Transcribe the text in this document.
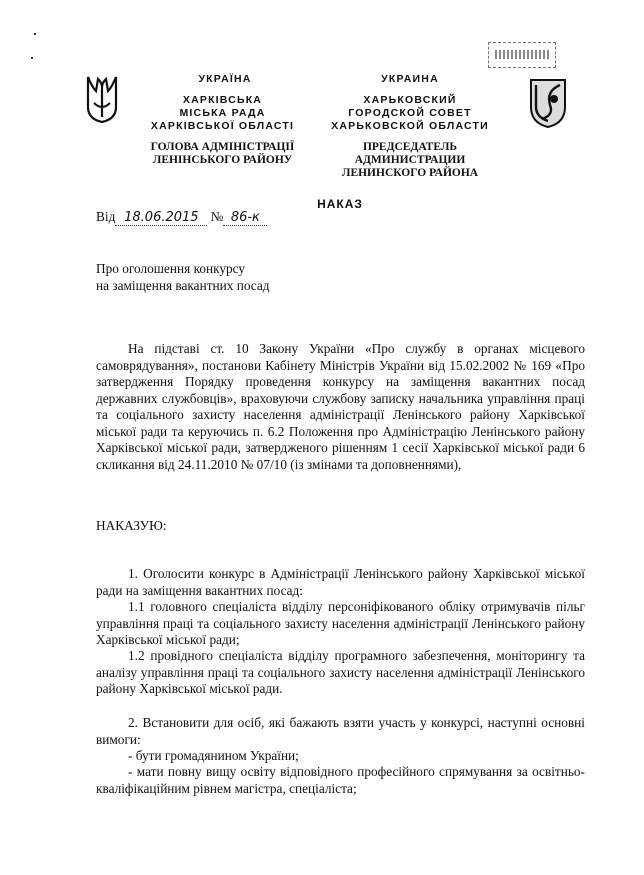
УКРАЇНА
ХАРКІВСЬКА
МІСЬКА РАДА
ХАРКІВСЬКОЇ ОБЛАСТІ
ГОЛОВА АДМІНІСТРАЦІЇ
ЛЕНІНСЬКОГО РАЙОНУ
УКРАИНА
ХАРЬКОВСКИЙ
ГОРОДСКОЙ СОВЕТ
ХАРЬКОВСКОЙ ОБЛАСТИ
ПРЕДСЕДАТЕЛЬ АДМИНИСТРАЦИИ
ЛЕНИНСКОГО РАЙОНА
НАКАЗ
Від 18.06.2015 № 86-к
Про оголошення конкурсу
на заміщення вакантних посад

На підставі ст. 10 Закону України «Про службу в органах місцевого самоврядування», постанови Кабінету Міністрів України від 15.02.2002 № 169 «Про затвердження Порядку проведення конкурсу на заміщення вакантних посад державних службовців», враховуючи службову записку начальника управління праці та соціального захисту населення адміністрації Ленінського району Харківської міської ради та керуючись п. 6.2 Положення про Адміністрацію Ленінського району Харківської міської ради, затвердженого рішенням 1 сесії Харківської міської ради 6 скликання від 24.11.2010 № 07/10 (із змінами та доповненнями),

НАКАЗУЮ:

1. Оголосити конкурс в Адміністрації Ленінського району Харківської міської ради на заміщення вакантних посад:

1.1 головного спеціаліста відділу персоніфікованого обліку отримувачів пільг управління праці та соціального захисту населення адміністрації Ленінського району Харківської міської ради;

1.2 провідного спеціаліста відділу програмного забезпечення, моніторингу та аналізу управління праці та соціального захисту населення адміністрації Ленінського району Харківської міської ради.

2. Встановити для осіб, які бажають взяти участь у конкурсі, наступні основні вимоги:

- бути громадянином України;

- мати повну вищу освіту відповідного професійного спрямування за освітньо-кваліфікаційним рівнем магістра, спеціаліста;
